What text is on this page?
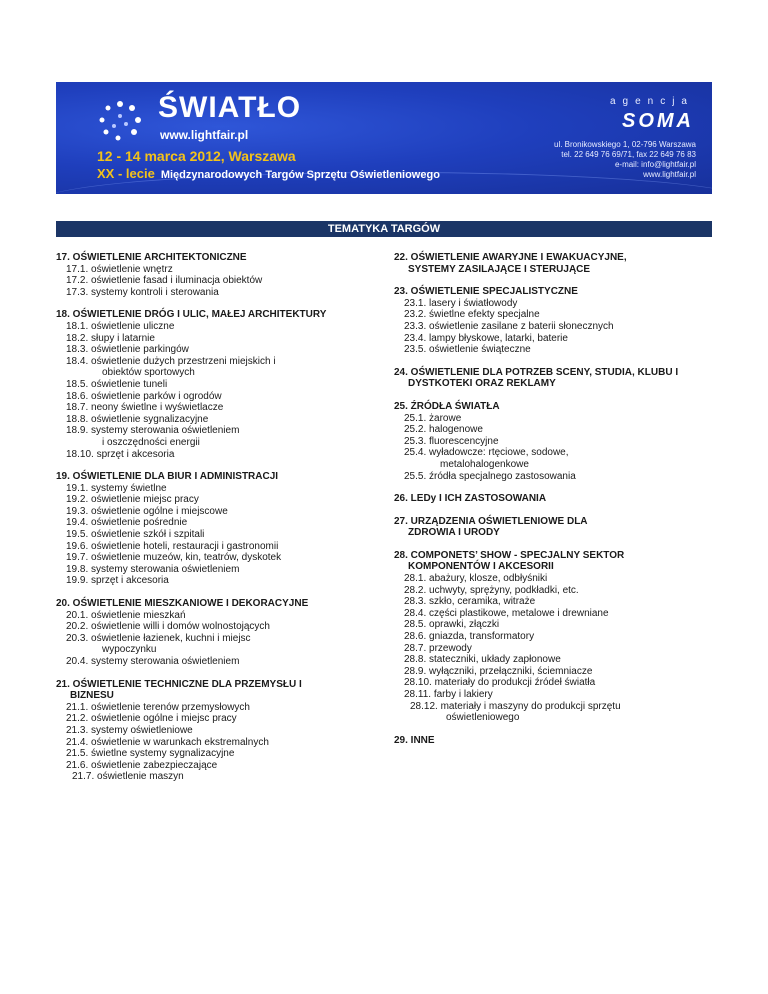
ŚWIATŁO
www.lightfair.pl
12 - 14 marca 2012, Warszawa
XX - lecie Międzynarodowych Targów Sprzętu Oświetleniowego
agencja
SOMA
ul. Bronikowskiego 1, 02-796 Warszawa
tel. 22 649 76 69/71, fax 22 649 76 83
e-mail: info@lightfair.pl
www.lightfair.pl
TEMATYKA TARGÓW
17. OŚWIETLENIE ARCHITEKTONICZNE
17.1. oświetlenie wnętrz
17.2. oświetlenie fasad i iluminacja obiektów
17.3. systemy kontroli i sterowania
18. OŚWIETLENIE DRÓG I ULIC, MAŁEJ ARCHITEKTURY
18.1. oświetlenie uliczne
18.2. słupy i latarnie
18.3. oświetlenie parkingów
18.4. oświetlenie dużych przestrzeni miejskich i
obiektów sportowych
18.5. oświetlenie tuneli
18.6. oświetlenie parków i ogrodów
18.7. neony świetlne i wyświetlacze
18.8. oświetlenie sygnalizacyjne
18.9. systemy sterowania oświetleniem
i oszczędności energii
18.10. sprzęt i akcesoria
19. OŚWIETLENIE DLA BIUR I ADMINISTRACJI
19.1. systemy świetlne
19.2. oświetlenie miejsc pracy
19.3. oświetlenie ogólne i miejscowe
19.4. oświetlenie pośrednie
19.5. oświetlenie szkół i szpitali
19.6. oświetlenie hoteli, restauracji i gastronomii
19.7. oświetlenie muzeów, kin, teatrów, dyskotek
19.8. systemy sterowania oświetleniem
19.9. sprzęt i akcesoria
20. OŚWIETLENIE MIESZKANIOWE I DEKORACYJNE
20.1. oświetlenie mieszkań
20.2. oświetlenie willi i domów wolnostojących
20.3. oświetlenie łazienek, kuchni i miejsc
wypoczynku
20.4. systemy sterowania oświetleniem
21. OŚWIETLENIE TECHNICZNE DLA PRZEMYSŁU I
BIZNESU
21.1. oświetlenie terenów przemysłowych
21.2. oświetlenie ogólne i miejsc pracy
21.3. systemy oświetleniowe
21.4. oświetlenie w warunkach ekstremalnych
21.5. świetlne systemy sygnalizacyjne
21.6. oświetlenie zabezpieczające
21.7. oświetlenie maszyn
22. OŚWIETLENIE AWARYJNE I EWAKUACYJNE,
SYSTEMY ZASILAJĄCE I STERUJĄCE
23. OŚWIETLENIE SPECJALISTYCZNE
23.1. lasery i światłowody
23.2. świetlne efekty specjalne
23.3. oświetlenie zasilane z baterii słonecznych
23.4. lampy błyskowe, latarki, baterie
23.5. oświetlenie świąteczne
24. OŚWIETLENIE DLA POTRZEB SCENY, STUDIA, KLUBU I
DYSTKOTEKI ORAZ REKLAMY
25. ŹRÓDŁA ŚWIATŁA
25.1. żarowe
25.2. halogenowe
25.3. fluorescencyjne
25.4. wyładowcze: rtęciowe, sodowe,
metalohalogenkowe
25.5. źródła specjalnego zastosowania
26. LEDy I ICH ZASTOSOWANIA
27. URZĄDZENIA OŚWIETLENIOWE DLA
ZDROWIA I URODY
28. COMPONETS’ SHOW - SPECJALNY SEKTOR
KOMPONENTÓW I AKCESORII
28.1. abażury, klosze, odbłyśniki
28.2. uchwyty, sprężyny, podkładki, etc.
28.3. szkło, ceramika, witraże
28.4. części plastikowe, metalowe i drewniane
28.5. oprawki, złączki
28.6. gniazda, transformatory
28.7. przewody
28.8. stateczniki, układy zapłonowe
28.9. wyłączniki, przełączniki, ściemniacze
28.10. materiały do produkcji źródeł światła
28.11. farby i lakiery
28.12. materiały i maszyny do produkcji sprzętu
oświetleniowego
29. INNE
